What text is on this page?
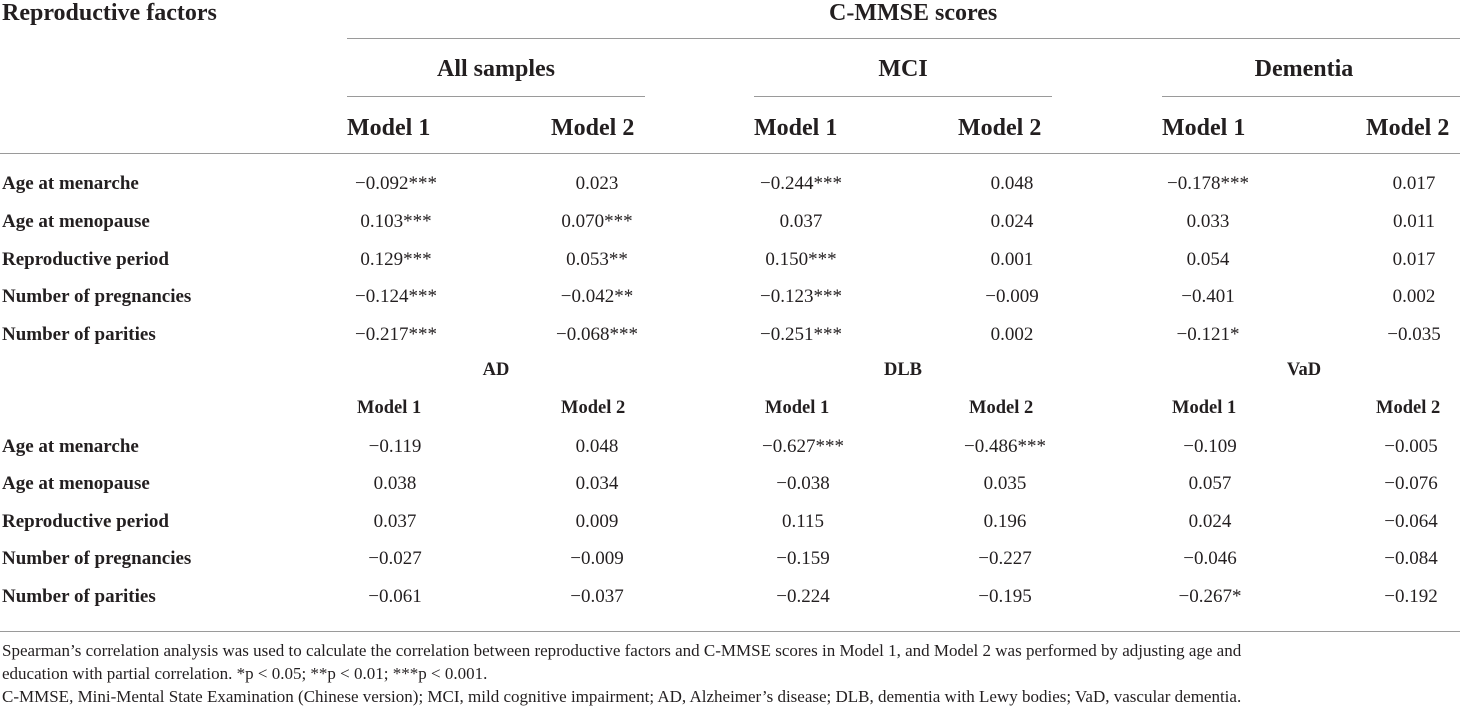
Reproductive factors	C-MMSE scores
All samples	MCI	Dementia
Model 1	Model 2	Model 1	Model 2	Model 1	Model 2
Age at menarche	−0.092***	0.023	−0.244***	0.048	−0.178***	0.017
Age at menopause	0.103***	0.070***	0.037	0.024	0.033	0.011
Reproductive period	0.129***	0.053**	0.150***	0.001	0.054	0.017
Number of pregnancies	−0.124***	−0.042**	−0.123***	−0.009	−0.401	0.002
Number of parities	−0.217***	−0.068***	−0.251***	0.002	−0.121*	−0.035
AD	DLB	VaD
Model 1	Model 2	Model 1	Model 2	Model 1	Model 2
Age at menarche	−0.119	0.048	−0.627***	−0.486***	−0.109	−0.005
Age at menopause	0.038	0.034	−0.038	0.035	0.057	−0.076
Reproductive period	0.037	0.009	0.115	0.196	0.024	−0.064
Number of pregnancies	−0.027	−0.009	−0.159	−0.227	−0.046	−0.084
Number of parities	−0.061	−0.037	−0.224	−0.195	−0.267*	−0.192
Spearman’s correlation analysis was used to calculate the correlation between reproductive factors and C-MMSE scores in Model 1, and Model 2 was performed by adjusting age and
education with partial correlation. *p < 0.05; **p < 0.01; ***p < 0.001.
C-MMSE, Mini-Mental State Examination (Chinese version); MCI, mild cognitive impairment; AD, Alzheimer’s disease; DLB, dementia with Lewy bodies; VaD, vascular dementia.
